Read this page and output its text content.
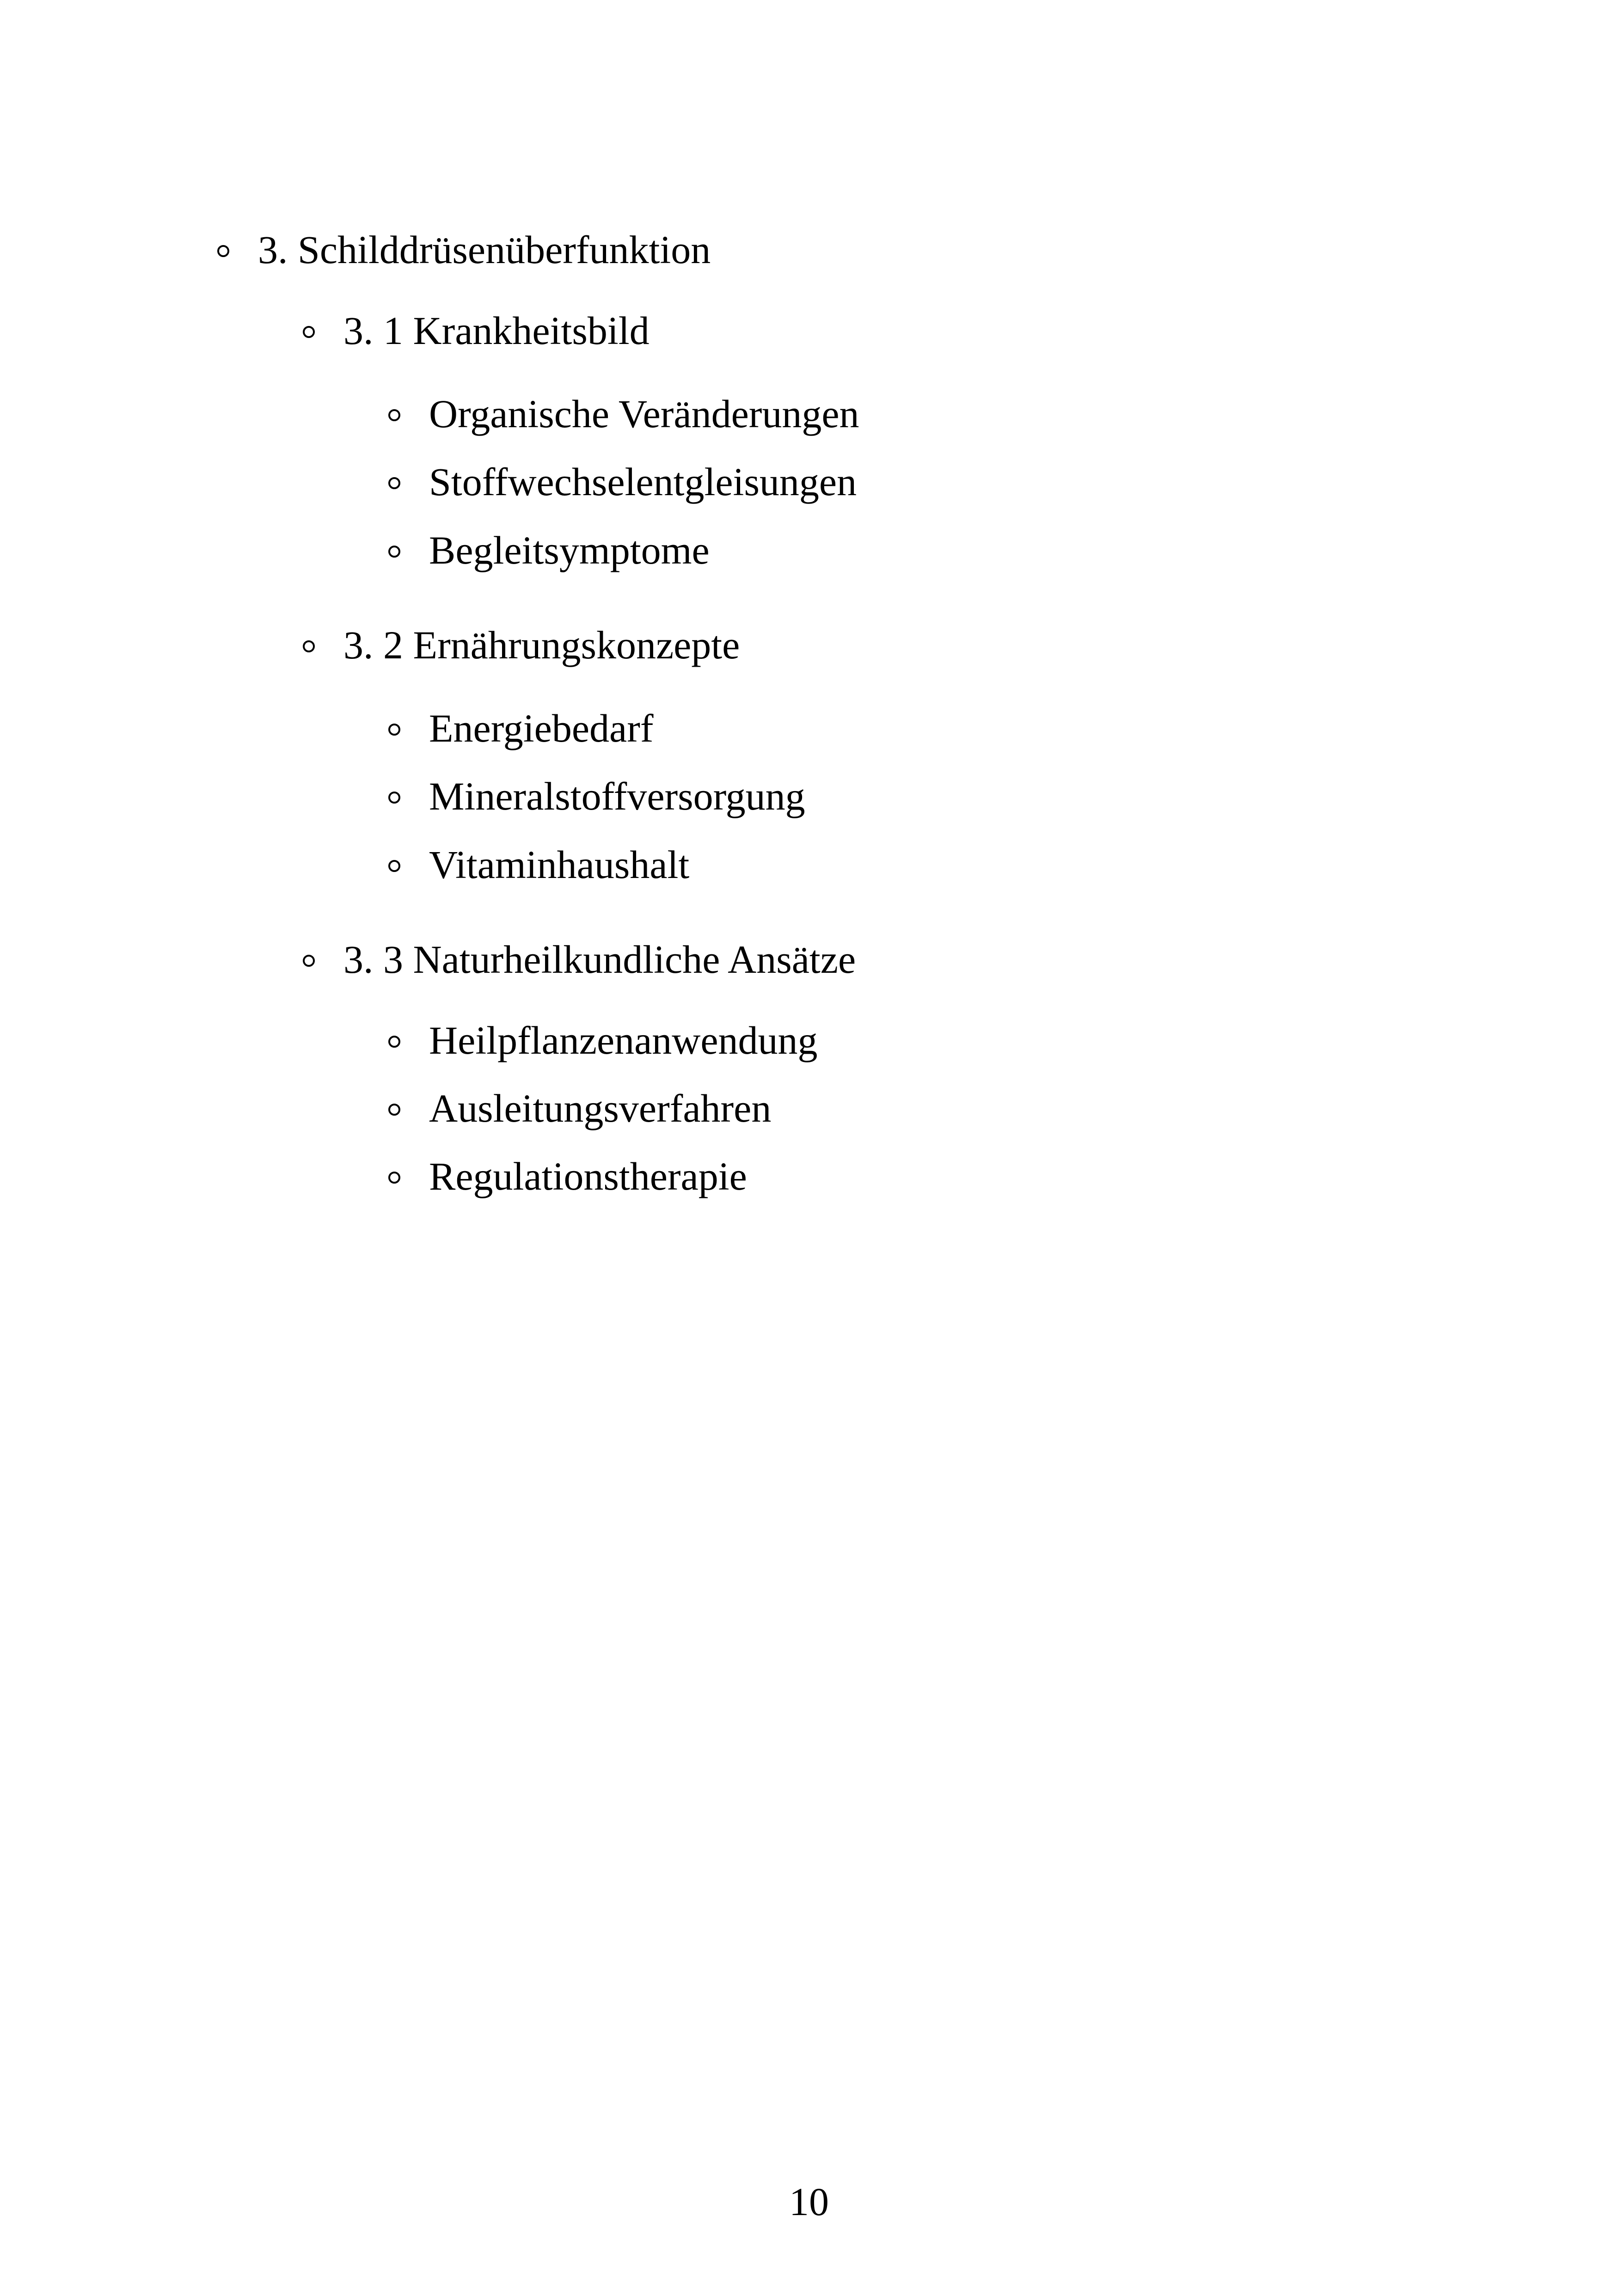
3. Schilddrüsenüberfunktion
3. 1 Krankheitsbild
Organische Veränderungen
Stoffwechselentgleisungen
Begleitsymptome
3. 2 Ernährungskonzepte
Energiebedarf
Mineralstoffversorgung
Vitaminhaushalt
3. 3 Naturheilkundliche Ansätze
Heilpflanzenanwendung
Ausleitungsverfahren
Regulationstherapie
10
